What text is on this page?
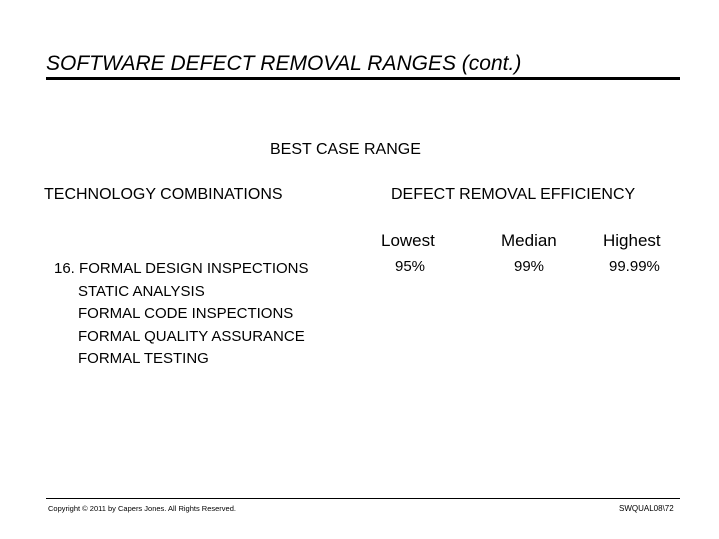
SOFTWARE DEFECT REMOVAL RANGES (cont.)
BEST CASE RANGE
TECHNOLOGY COMBINATIONS	DEFECT REMOVAL EFFICIENCY
Lowest	Median	Highest
16. FORMAL DESIGN INSPECTIONS
STATIC ANALYSIS
FORMAL CODE INSPECTIONS
FORMAL QUALITY ASSURANCE
FORMAL TESTING
95%	99%	99.99%
Copyright © 2011 by Capers Jones. All Rights Reserved.	SWQUAL08\72
